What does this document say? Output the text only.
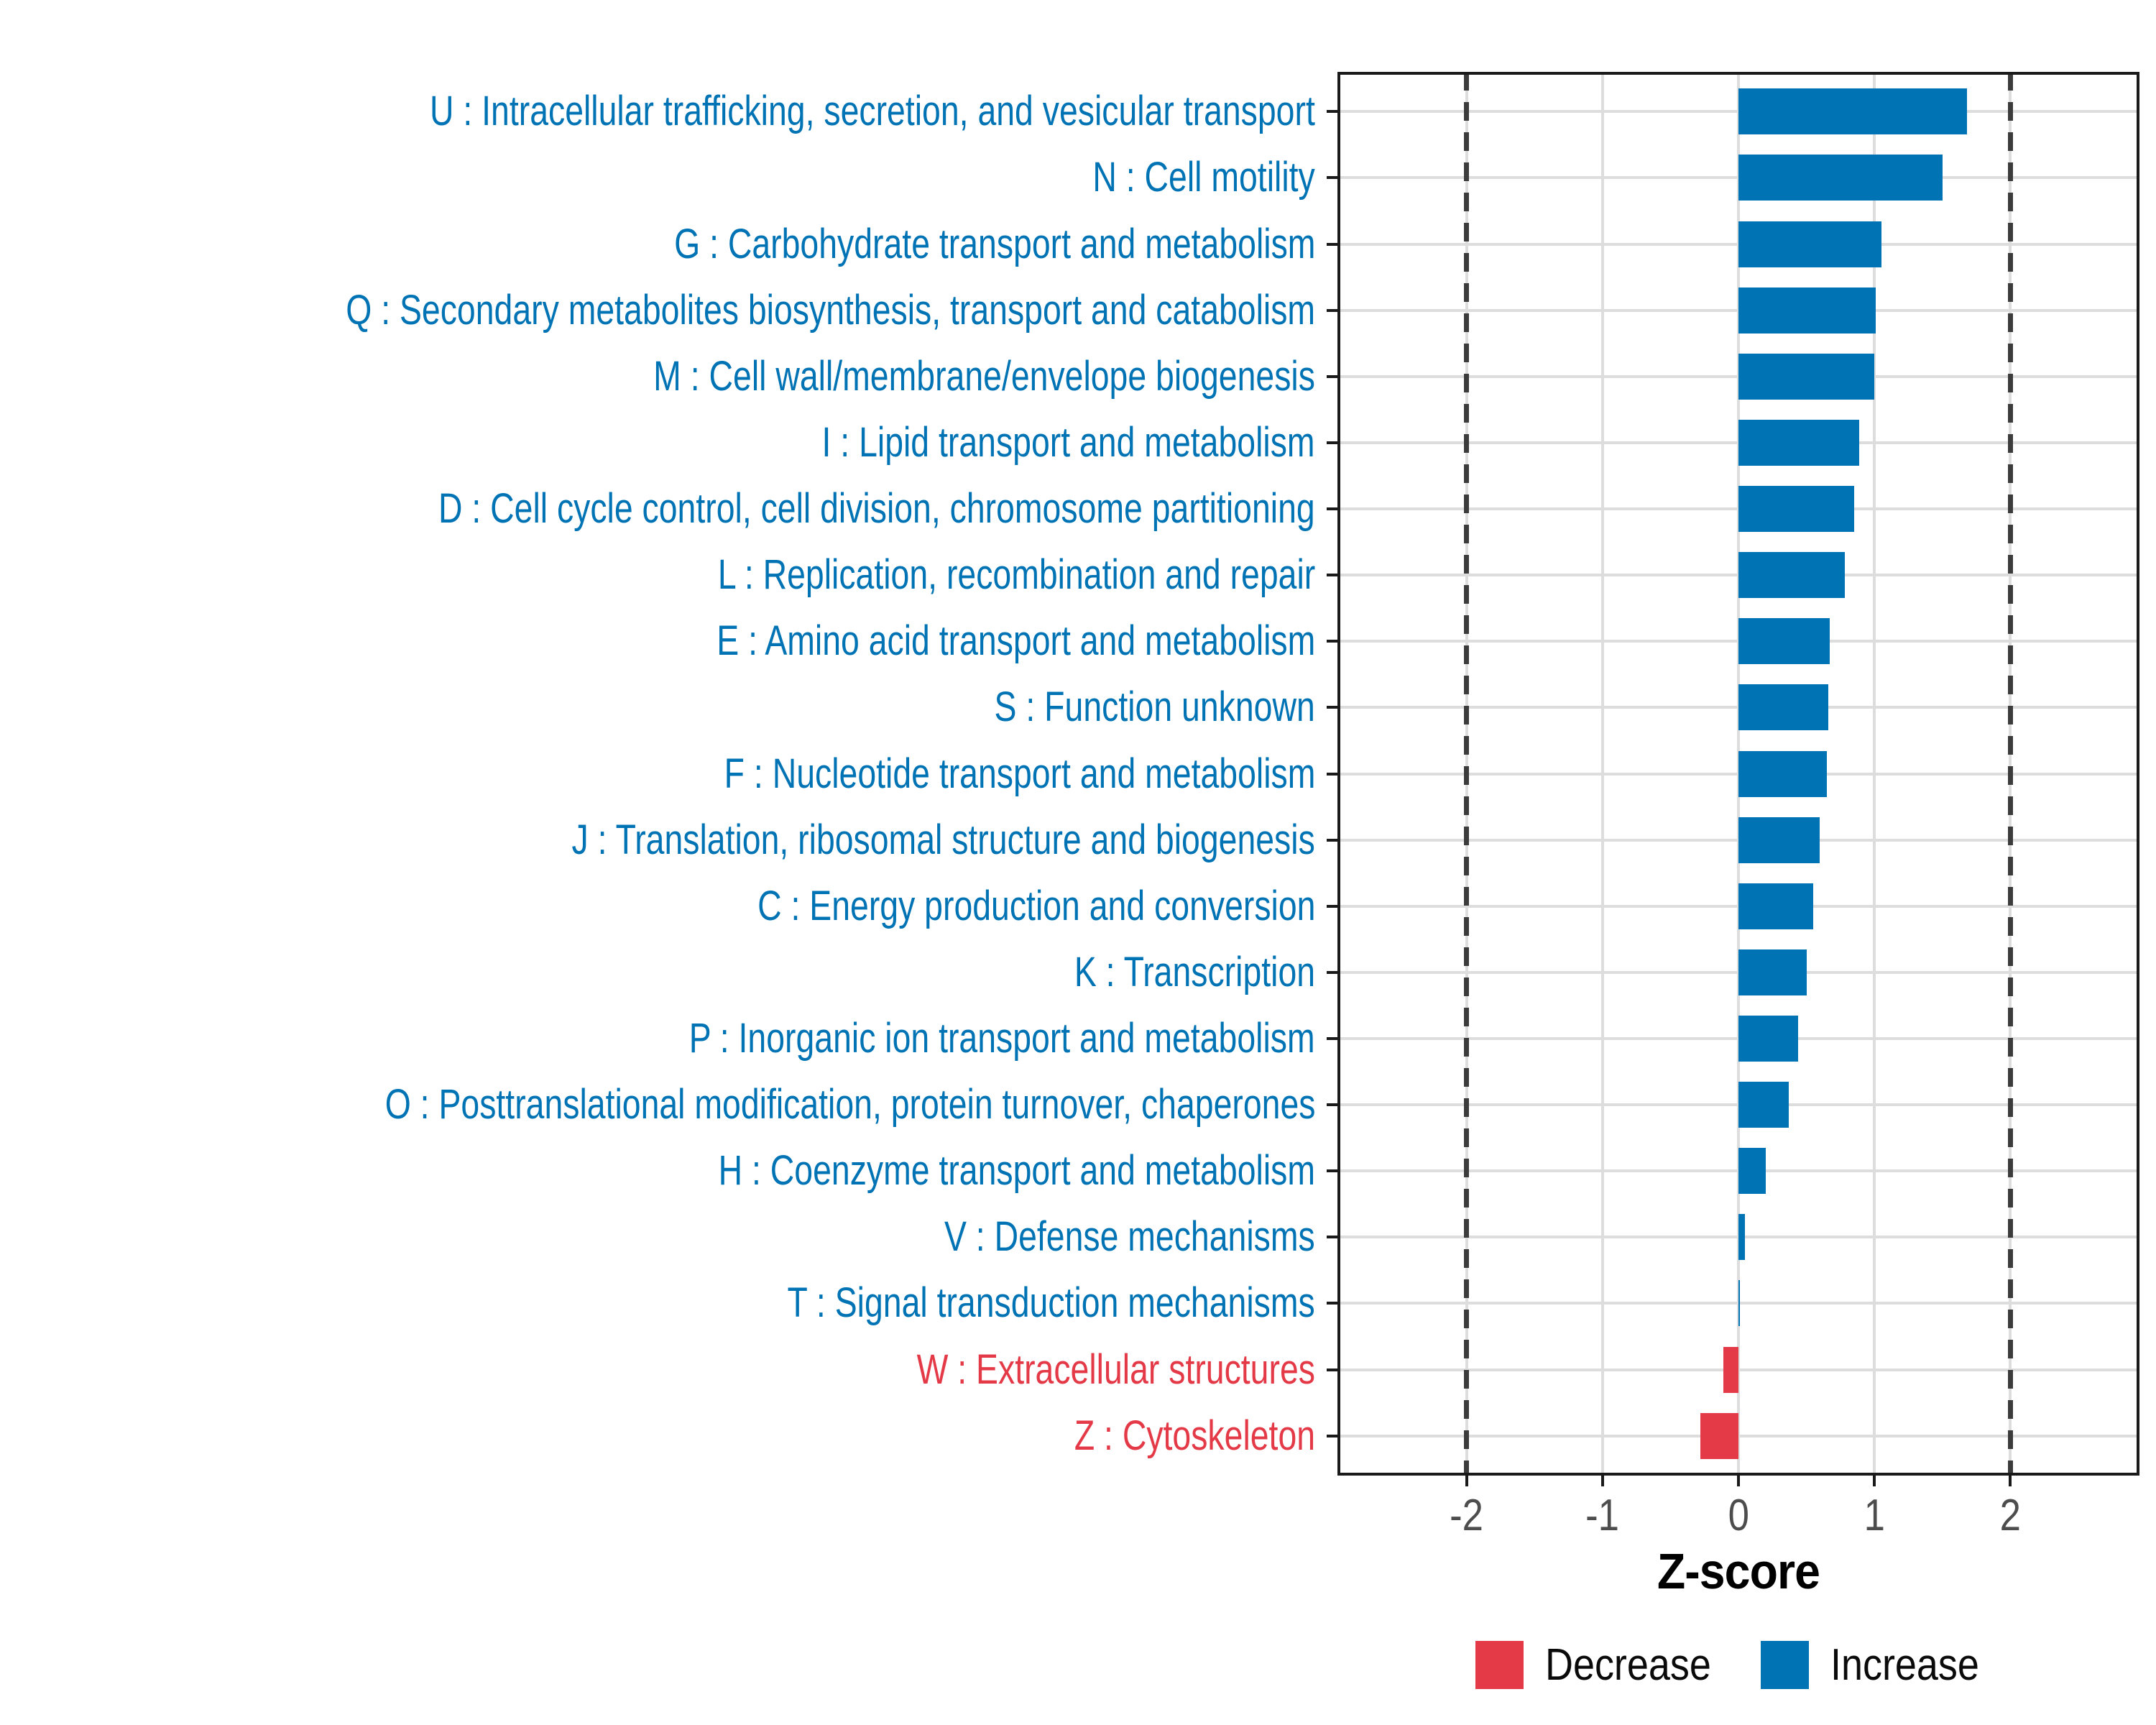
U : Intracellular trafficking, secretion, and vesicular transport
N : Cell motility
G : Carbohydrate transport and metabolism
Q : Secondary metabolites biosynthesis, transport and catabolism
M : Cell wall/membrane/envelope biogenesis
I : Lipid transport and metabolism
D : Cell cycle control, cell division, chromosome partitioning
L : Replication, recombination and repair
E : Amino acid transport and metabolism
S : Function unknown
F : Nucleotide transport and metabolism
J : Translation, ribosomal structure and biogenesis
C : Energy production and conversion
K : Transcription
P : Inorganic ion transport and metabolism
O : Posttranslational modification, protein turnover, chaperones
H : Coenzyme transport and metabolism
V : Defense mechanisms
T : Signal transduction mechanisms
W : Extracellular structures
Z : Cytoskeleton
-2	-1	0	1	2
Z-score
Decrease	Increase
